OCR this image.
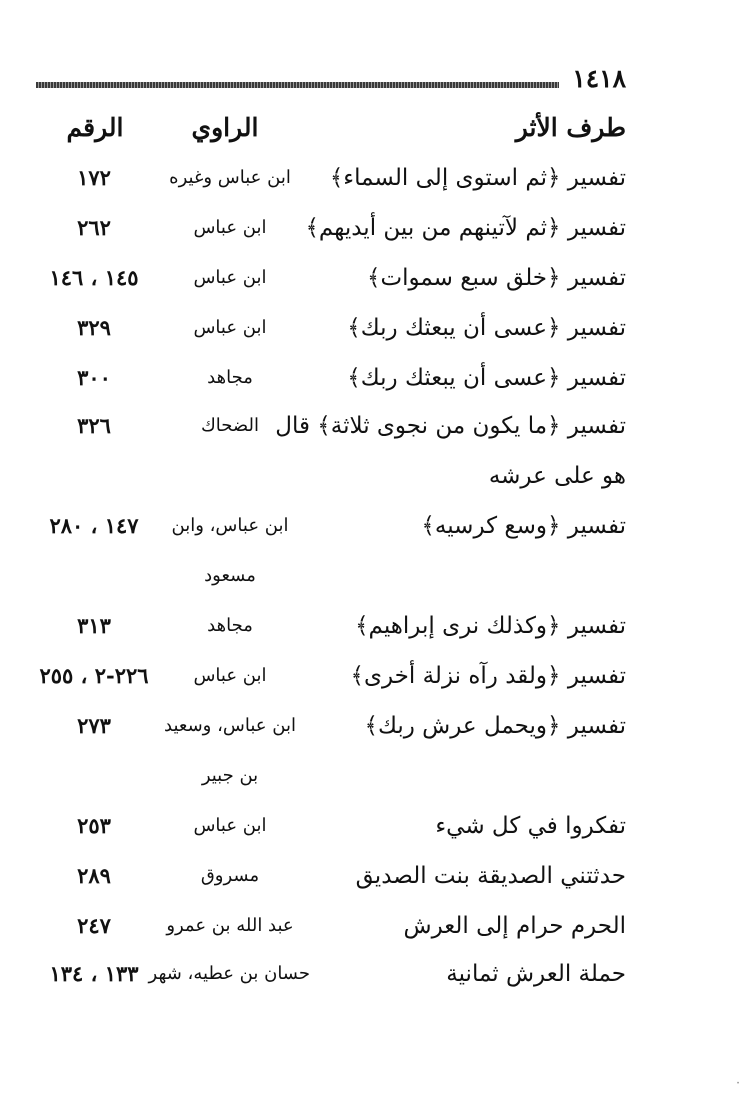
١٤١٨
طرف الأثر
الراوي
الرقم
تفسير ﴿ثم استوى إلى السماء﴾
ابن عباس وغيره
١٧٢
تفسير ﴿ثم لآتينهم من بين أيديهم﴾
ابن عباس
٢٦٢
تفسير ﴿خلق سبع سموات﴾
ابن عباس
١٤٥ ، ١٤٦
تفسير ﴿عسى أن يبعثك ربك﴾
ابن عباس
٣٢٩
تفسير ﴿عسى أن يبعثك ربك﴾
مجاهد
٣٠٠
تفسير ﴿ما يكون من نجوى ثلاثة﴾ قال
الضحاك
٣٢٦
هو على عرشه
تفسير ﴿وسع كرسيه﴾
ابن عباس، وابن
١٤٧ ، ٢٨٠
مسعود
تفسير ﴿وكذلك نرى إبراهيم﴾
مجاهد
٣١٣
تفسير ﴿ولقد رآه نزلة أخرى﴾
ابن عباس
٢٢٦-٢ ، ٢٥٥
تفسير ﴿ويحمل عرش ربك﴾
ابن عباس، وسعيد
٢٧٣
بن جبير
تفكروا في كل شيء
ابن عباس
٢٥٣
حدثتني الصديقة بنت الصديق
مسروق
٢٨٩
الحرم حرام إلى العرش
عبد الله بن عمرو
٢٤٧
حملة العرش ثمانية
حسان بن عطيه، شهر
١٣٣ ، ١٣٤
‧
